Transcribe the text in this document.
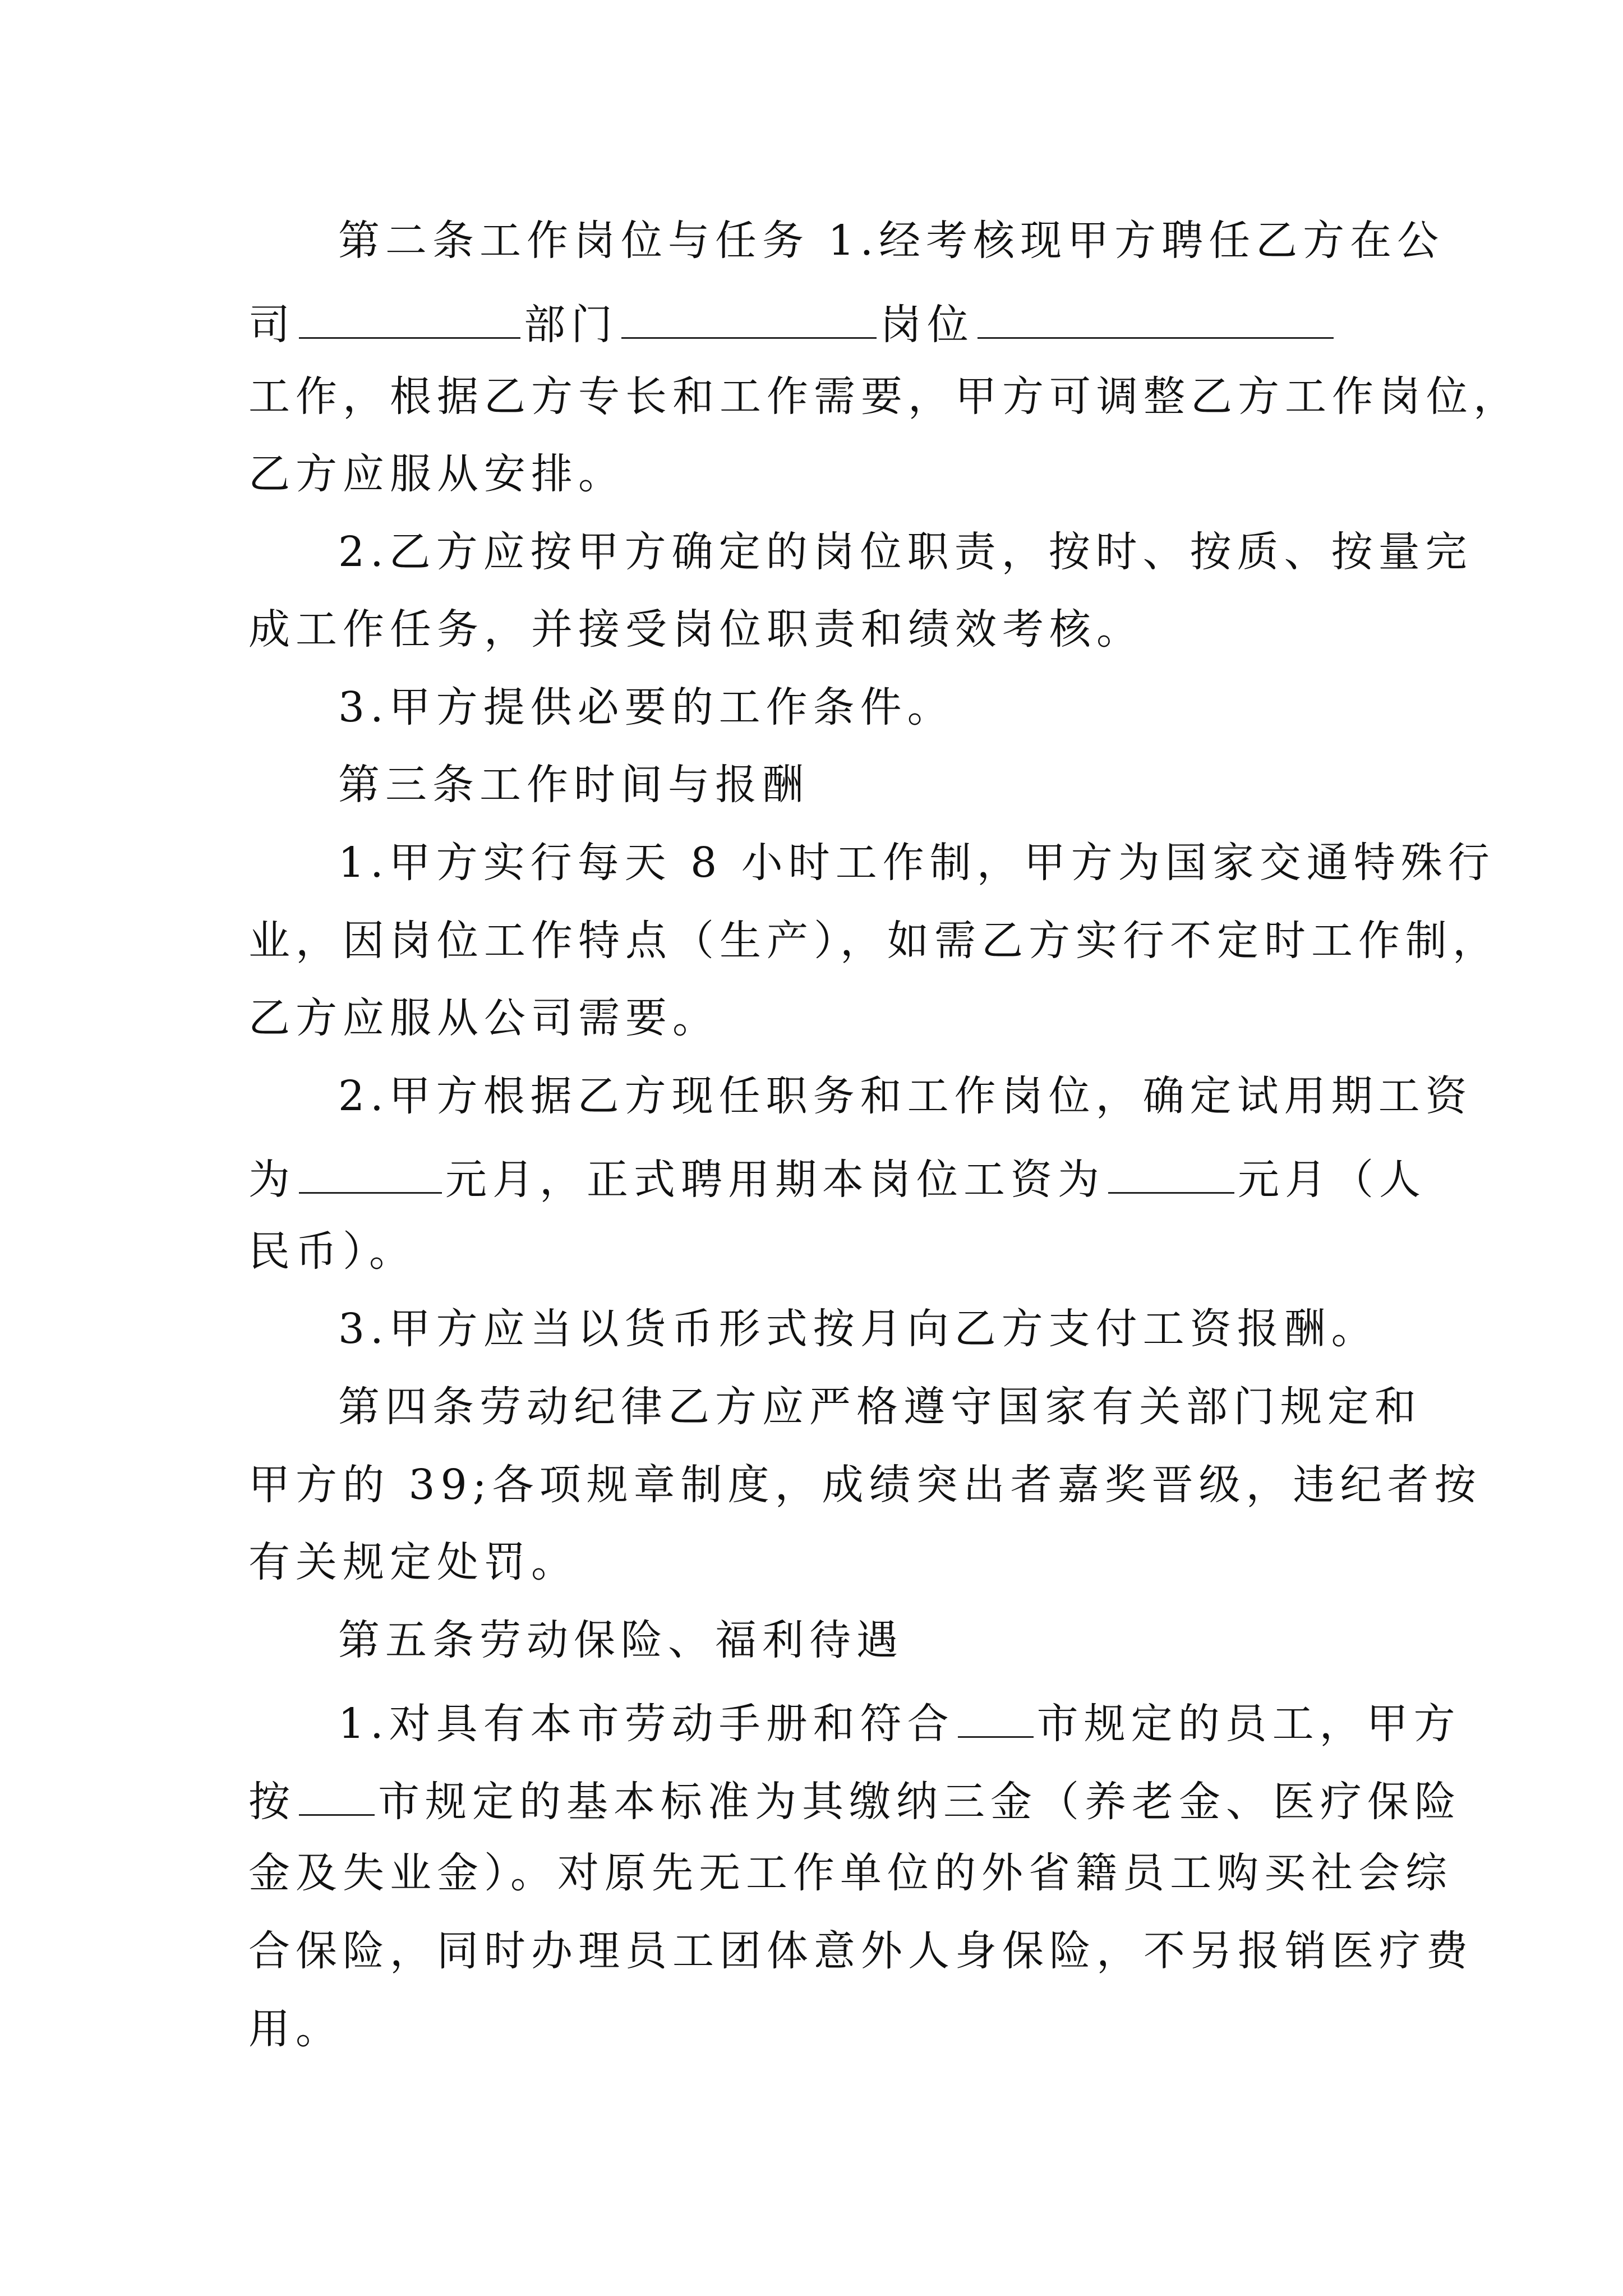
第二条工作岗位与任务 1.经考核现甲方聘任乙方在公
司	部门	岗位
工作，根据乙方专长和工作需要，甲方可调整乙方工作岗位，
乙方应服从安排。
2.乙方应按甲方确定的岗位职责，按时、按质、按量完
成工作任务，并接受岗位职责和绩效考核。
3.甲方提供必要的工作条件。
第三条工作时间与报酬
1.甲方实行每天 8 小时工作制，甲方为国家交通特殊行
业，因岗位工作特点（生产），如需乙方实行不定时工作制，
乙方应服从公司需要。
2.甲方根据乙方现任职务和工作岗位，确定试用期工资
为	元月，正式聘用期本岗位工资为	元月（人
民币）。
3.甲方应当以货币形式按月向乙方支付工资报酬。
第四条劳动纪律乙方应严格遵守国家有关部门规定和
甲方的 39;各项规章制度，成绩突出者嘉奖晋级，违纪者按
有关规定处罚。
第五条劳动保险、福利待遇
1.对具有本市劳动手册和符合 市规定的员工，甲方
按 市规定的基本标准为其缴纳三金（养老金、医疗保险
金及失业金）。对原先无工作单位的外省籍员工购买社会综
合保险，同时办理员工团体意外人身保险，不另报销医疗费
用。
